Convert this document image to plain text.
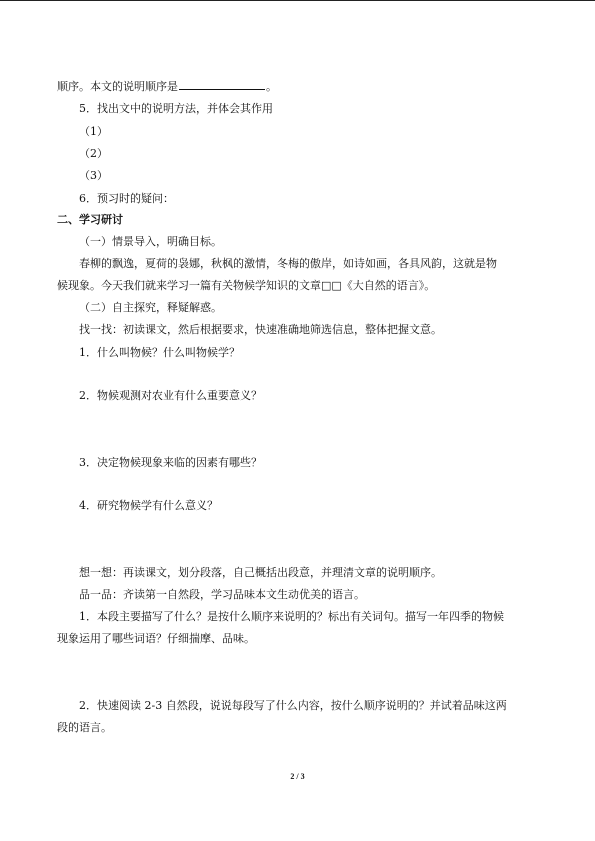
顺序。本文的说明顺序是	。
5．找出文中的说明方法，并体会其作用
（1）
（2）
（3）
6．预习时的疑问：
二、学习研讨
（一）情景导入，明确目标。
春柳的飘逸，夏荷的袅娜，秋枫的激情，冬梅的傲岸，如诗如画，各具风韵，这就是物
候现象。今天我们就来学习一篇有关物候学知识的文章□□《大自然的语言》。
（二）自主探究，释疑解惑。
找一找：初读课文，然后根据要求，快速准确地筛选信息，整体把握文意。
1．什么叫物候？什么叫物候学？
2．物候观测对农业有什么重要意义？
3．决定物候现象来临的因素有哪些？
4．研究物候学有什么意义？
想一想：再读课文，划分段落，自己概括出段意，并理清文章的说明顺序。
品一品：齐读第一自然段，学习品味本文生动优美的语言。
1．本段主要描写了什么？是按什么顺序来说明的？标出有关词句。描写一年四季的物候
现象运用了哪些词语？仔细揣摩、品味。
2．快速阅读 2-3 自然段，说说每段写了什么内容，按什么顺序说明的？并试着品味这两
段的语言。
2 / 3
